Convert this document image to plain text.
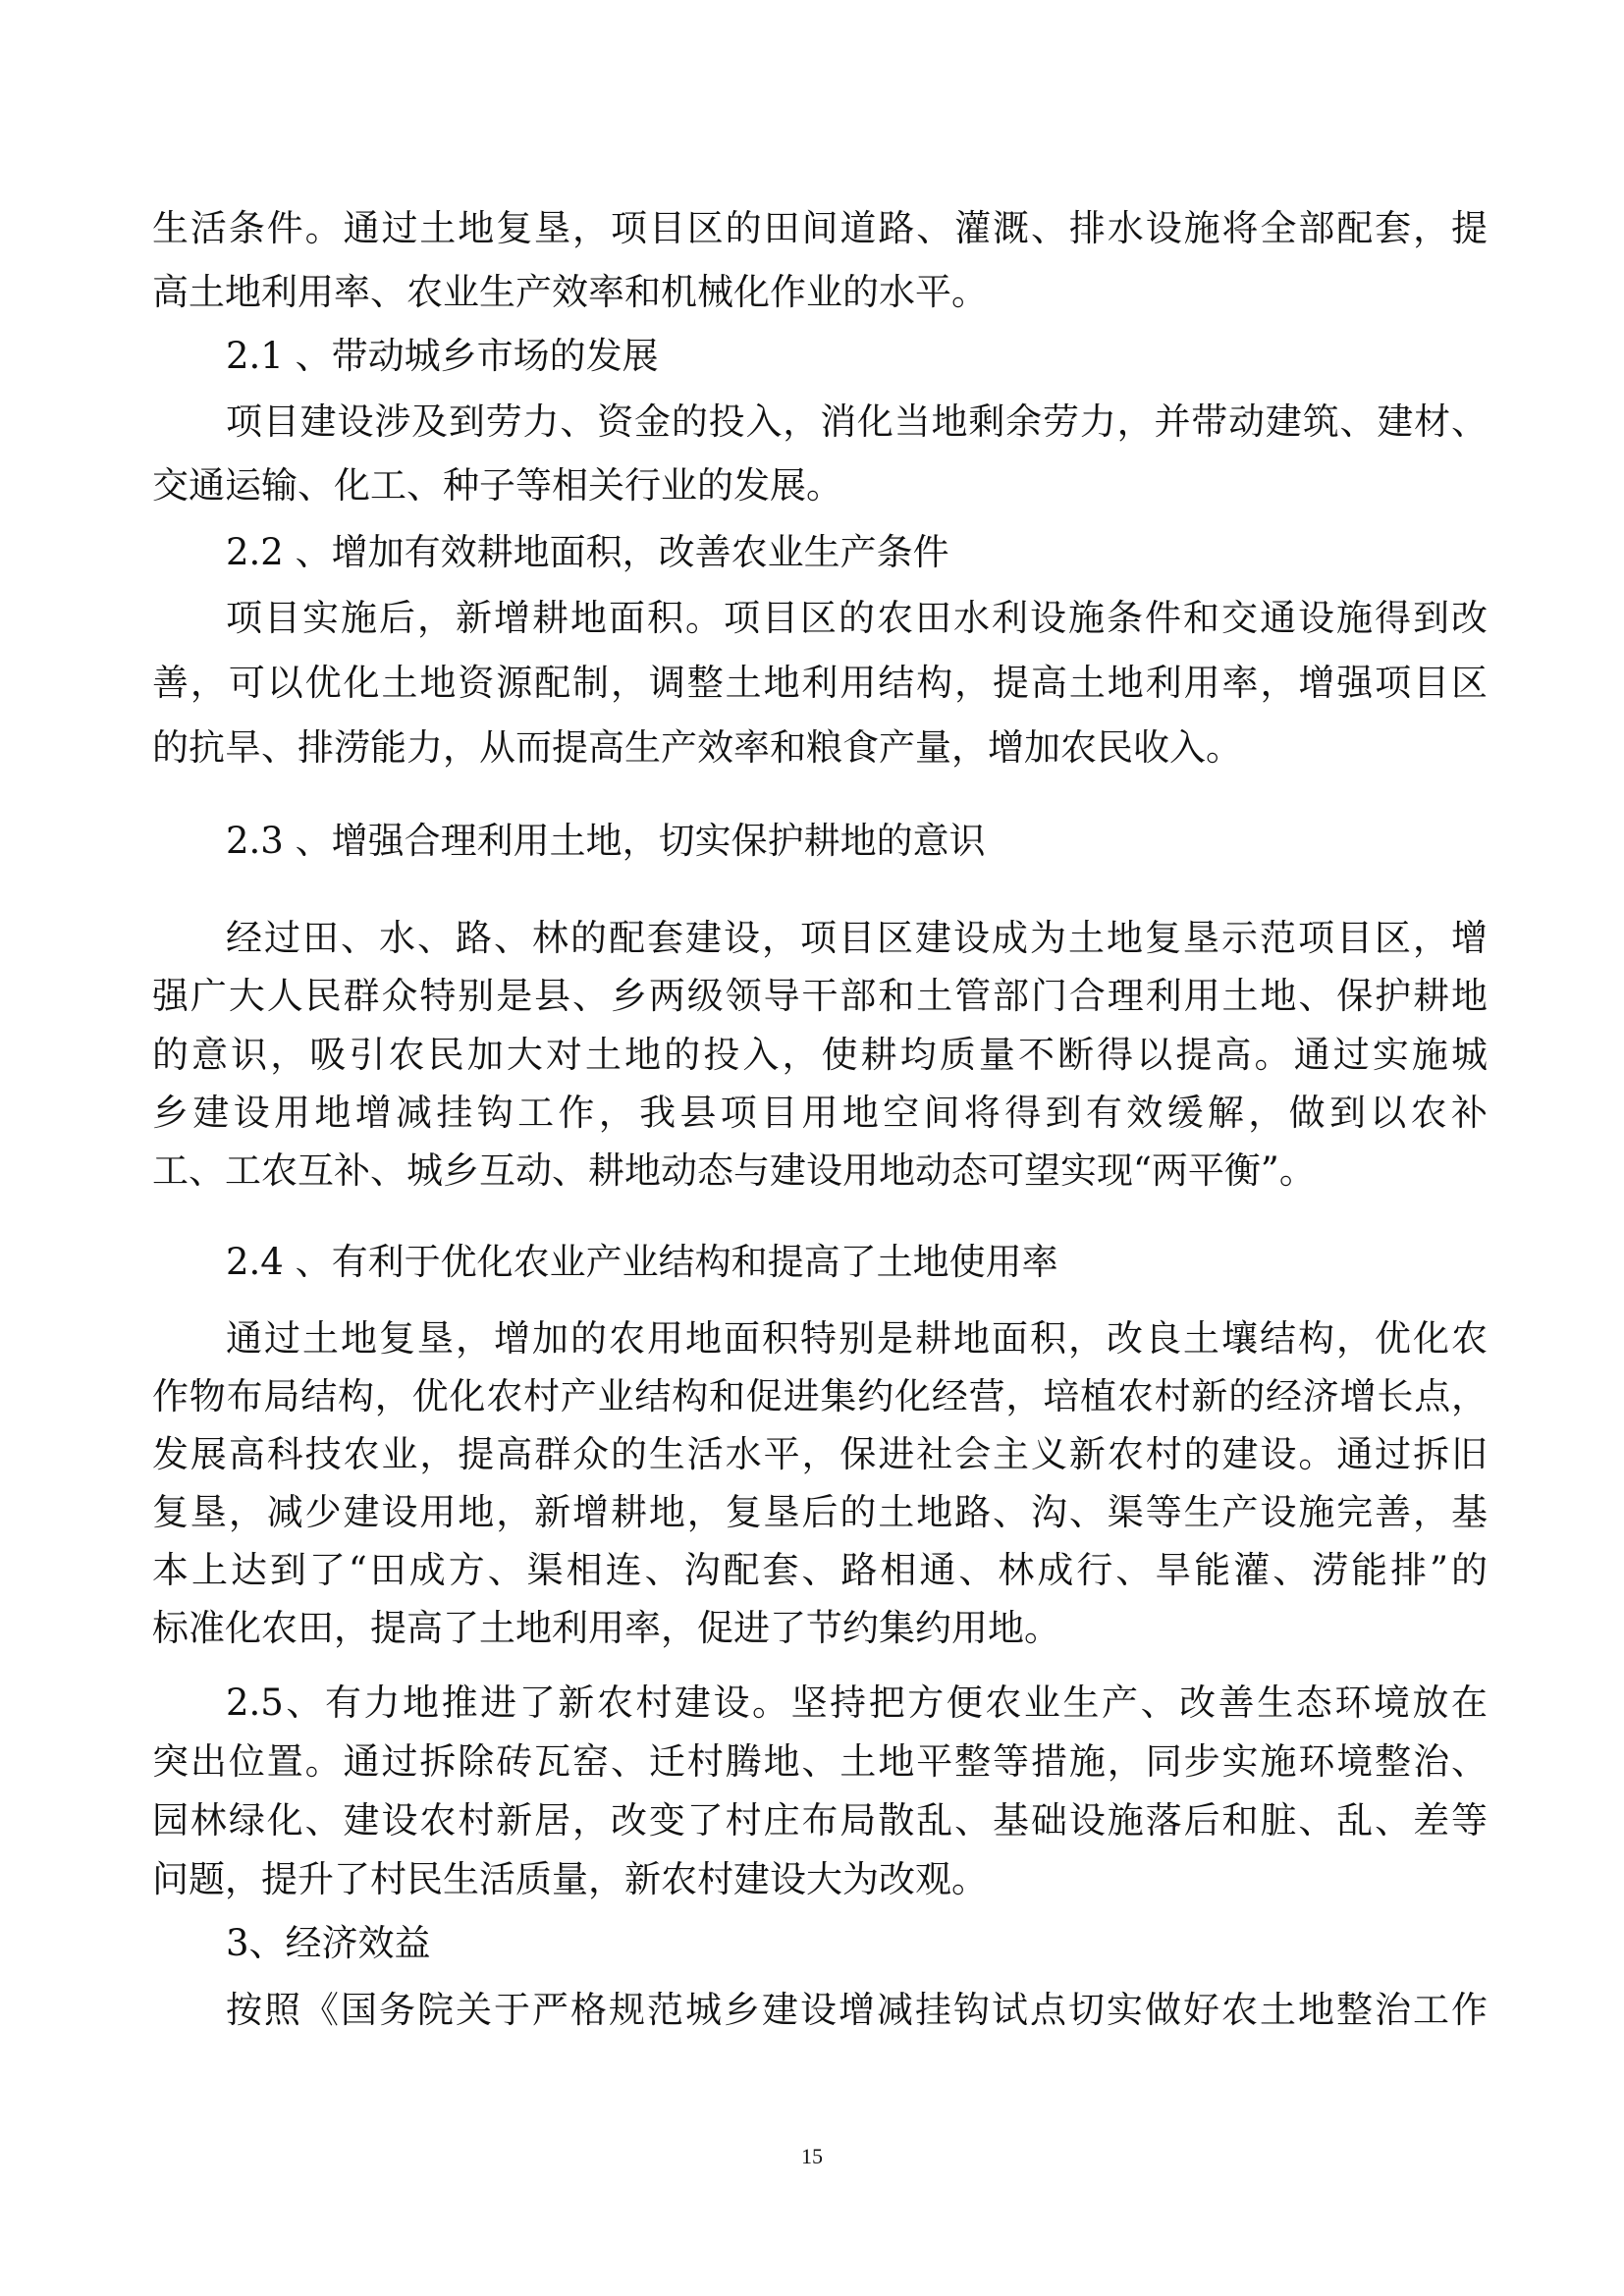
生活条件。通过土地复垦，项目区的田间道路、灌溉、排水设施将全部配套，提
高土地利用率、农业生产效率和机械化作业的水平。
2.1 、带动城乡市场的发展
项目建设涉及到劳力、资金的投入，消化当地剩余劳力，并带动建筑、建材、
交通运输、化工、种子等相关行业的发展。
2.2 、增加有效耕地面积，改善农业生产条件
项目实施后，新增耕地面积。项目区的农田水利设施条件和交通设施得到改
善，可以优化土地资源配制，调整土地利用结构，提高土地利用率，增强项目区
的抗旱、排涝能力，从而提高生产效率和粮食产量，增加农民收入。
2.3 、增强合理利用土地，切实保护耕地的意识
经过田、水、路、林的配套建设，项目区建设成为土地复垦示范项目区，增
强广大人民群众特别是县、乡两级领导干部和土管部门合理利用土地、保护耕地
的意识，吸引农民加大对土地的投入，使耕均质量不断得以提高。通过实施城
乡建设用地增减挂钩工作，我县项目用地空间将得到有效缓解，做到以农补
工、工农互补、城乡互动、耕地动态与建设用地动态可望实现“两平衡”。
2.4 、有利于优化农业产业结构和提高了土地使用率
通过土地复垦，增加的农用地面积特别是耕地面积，改良土壤结构，优化农
作物布局结构，优化农村产业结构和促进集约化经营，培植农村新的经济增长点，
发展高科技农业，提高群众的生活水平，保进社会主义新农村的建设。通过拆旧
复垦，减少建设用地，新增耕地，复垦后的土地路、沟、渠等生产设施完善，基
本上达到了“田成方、渠相连、沟配套、路相通、林成行、旱能灌、涝能排”的
标准化农田，提高了土地利用率，促进了节约集约用地。
2.5、有力地推进了新农村建设。坚持把方便农业生产、改善生态环境放在
突出位置。通过拆除砖瓦窑、迁村腾地、土地平整等措施，同步实施环境整治、
园林绿化、建设农村新居，改变了村庄布局散乱、基础设施落后和脏、乱、差等
问题，提升了村民生活质量，新农村建设大为改观。
3、经济效益
按照《国务院关于严格规范城乡建设增减挂钩试点切实做好农土地整治工作
15
